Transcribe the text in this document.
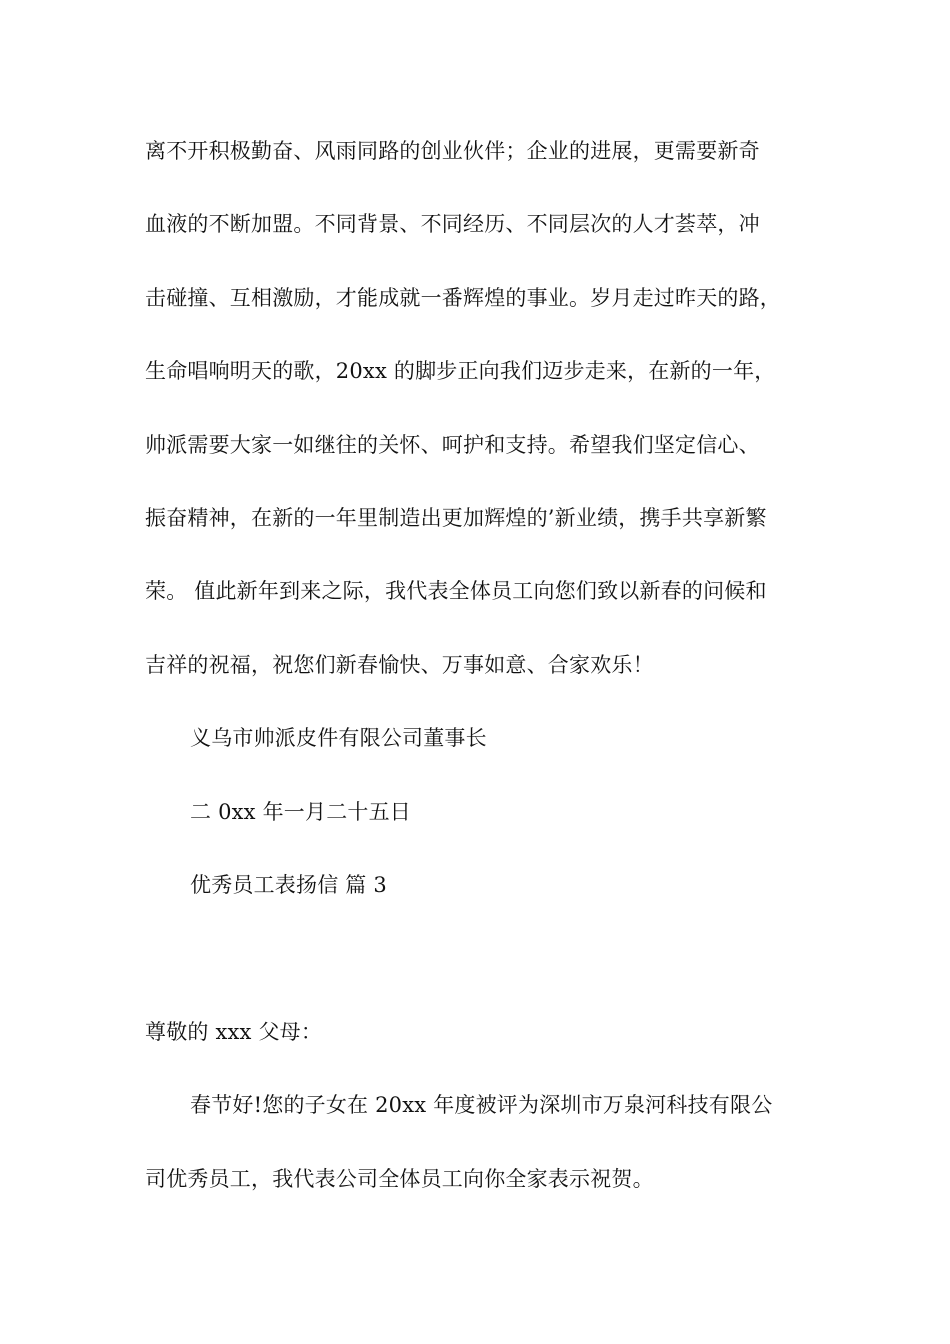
离不开积极勤奋、风雨同路的创业伙伴；企业的进展，更需要新奇
血液的不断加盟。不同背景、不同经历、不同层次的人才荟萃，冲
击碰撞、互相激励，才能成就一番辉煌的事业。岁月走过昨天的路，
生命唱响明天的歌，20xx 的脚步正向我们迈步走来，在新的一年，
帅派需要大家一如继往的关怀、呵护和支持。希望我们坚定信心、
振奋精神，在新的一年里制造出更加辉煌的’新业绩，携手共享新繁
荣。 值此新年到来之际，我代表全体员工向您们致以新春的问候和
吉祥的祝福，祝您们新春愉快、万事如意、合家欢乐！
义乌市帅派皮件有限公司董事长
二 0xx 年一月二十五日
优秀员工表扬信 篇 3
尊敬的 xxx 父母：
春节好!您的子女在 20xx 年度被评为深圳市万泉河科技有限公
司优秀员工，我代表公司全体员工向你全家表示祝贺。
